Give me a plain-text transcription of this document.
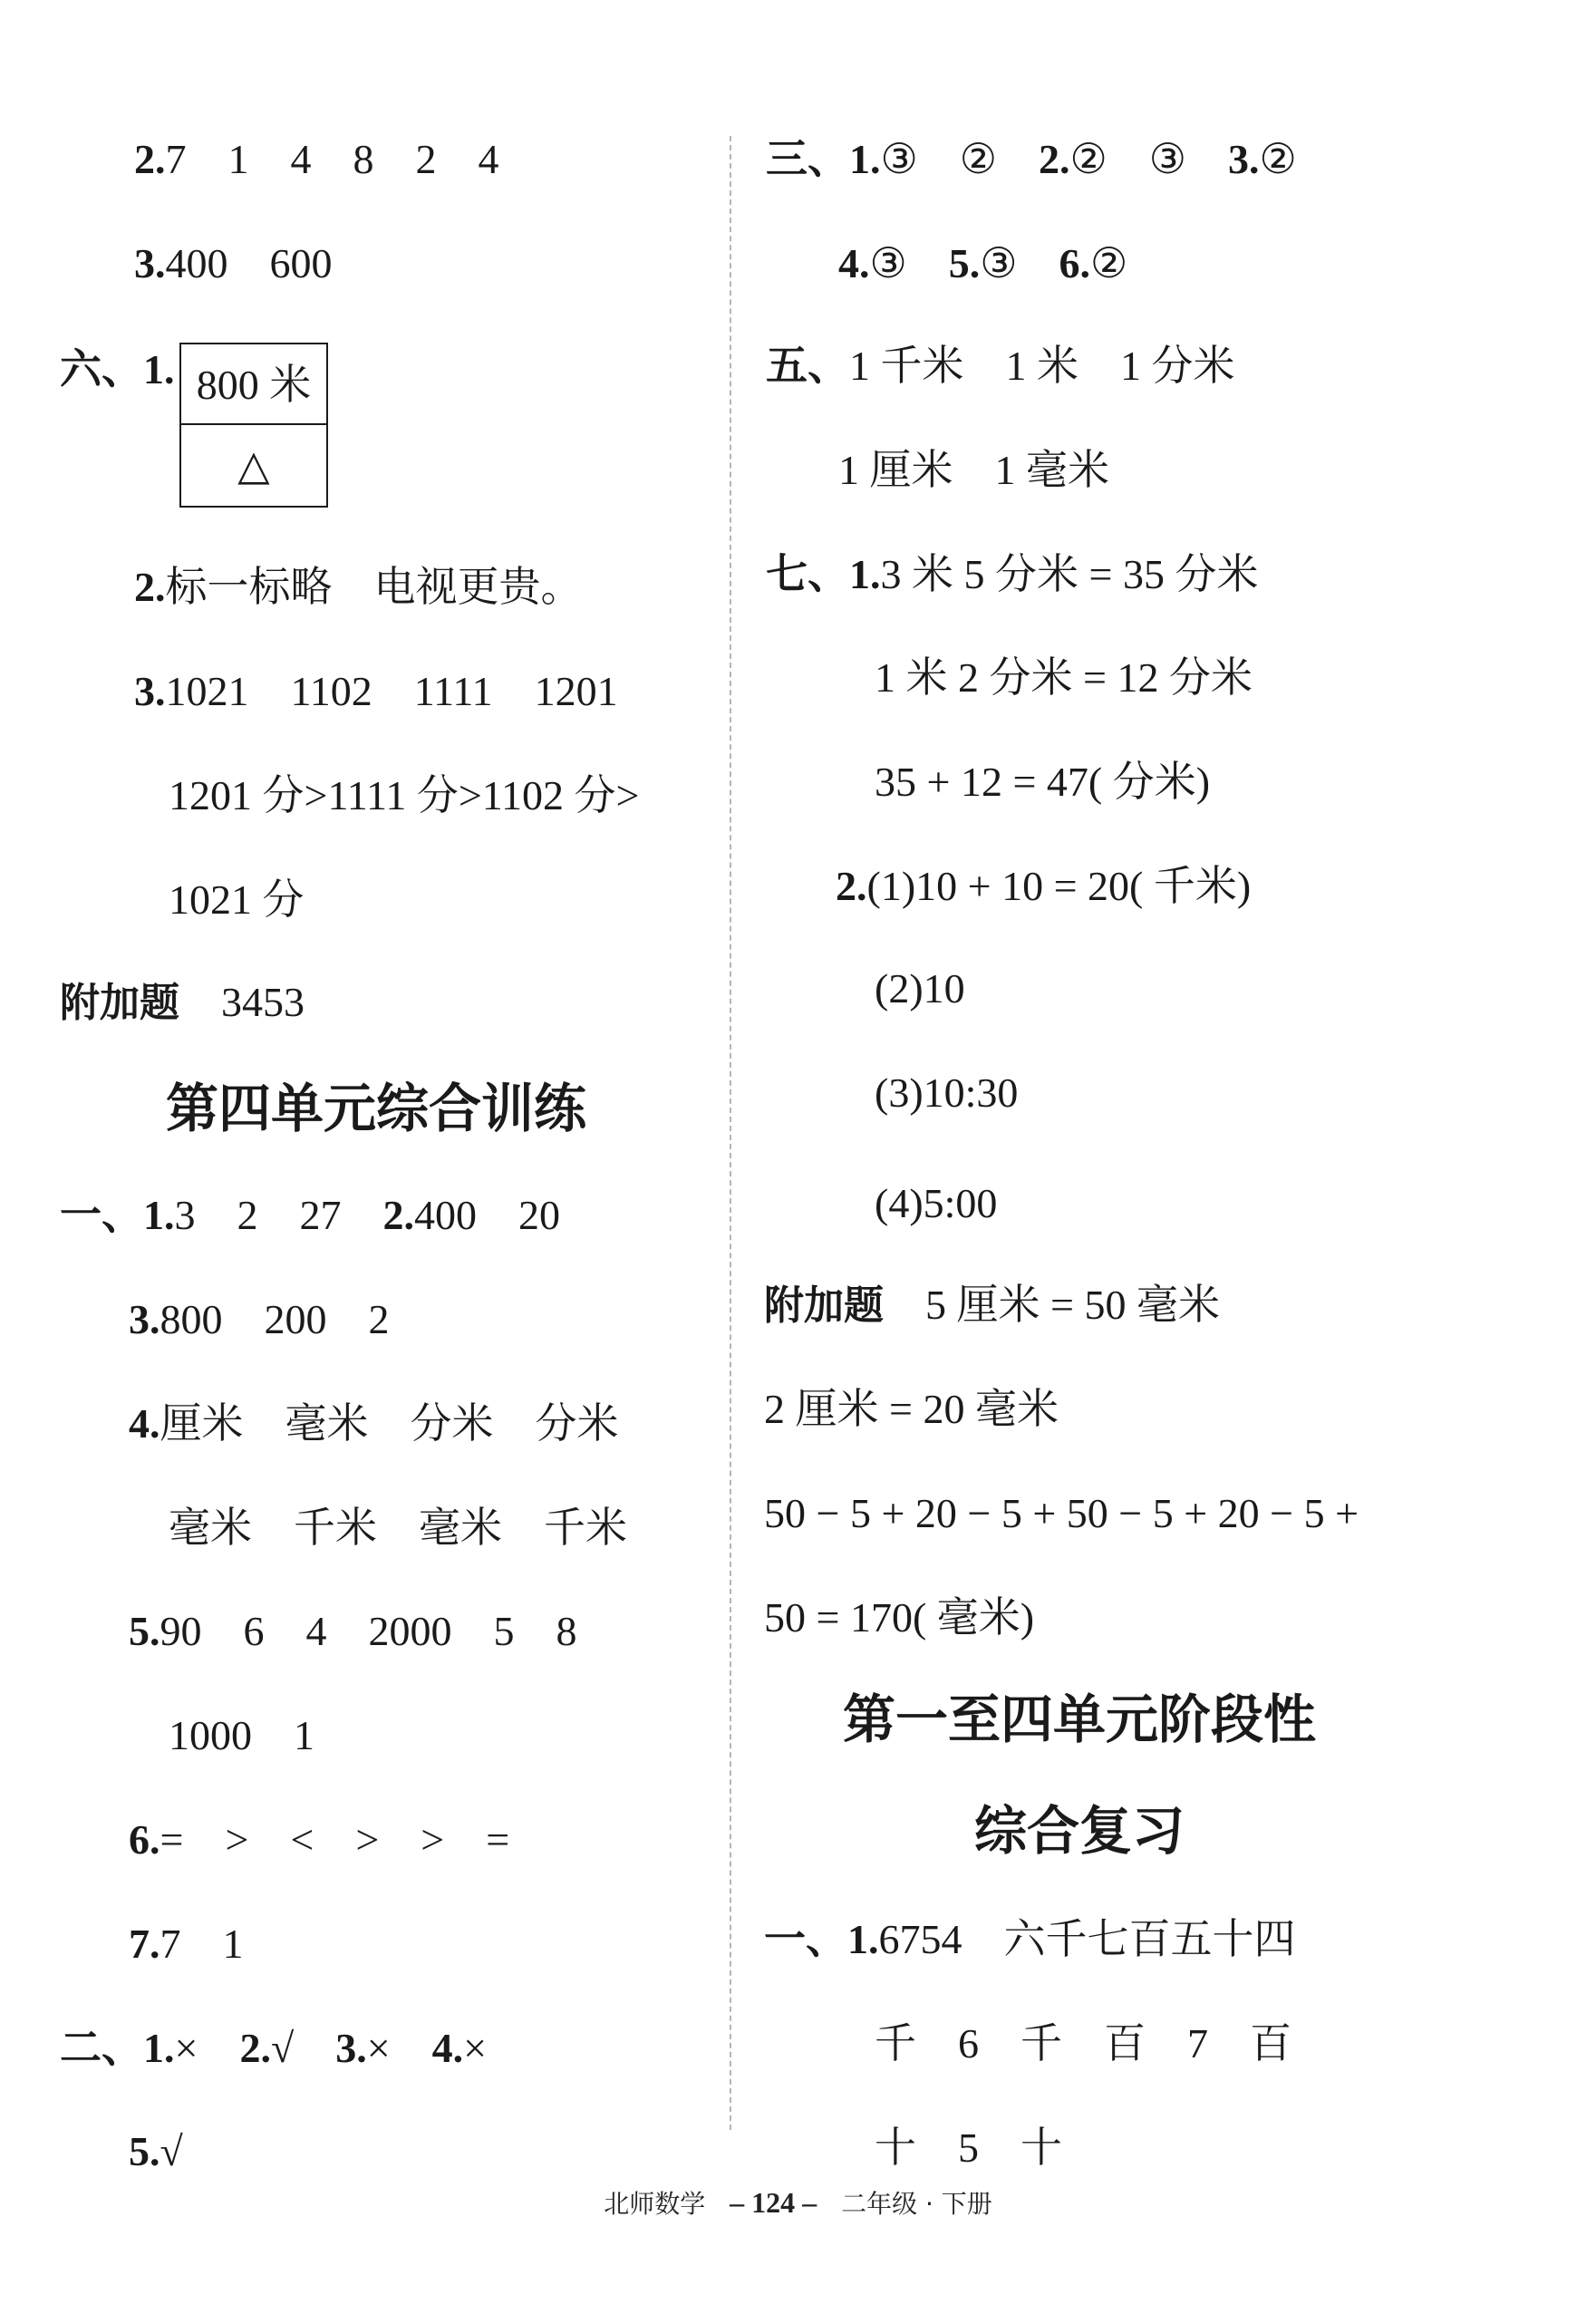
2.7　1　4　8　2　4
3.400　600
六、1. 800 米
△
2.标一标略　电视更贵。
3.1021　1102　1111　1201
1201 分>1111 分>1102 分>
1021 分
附加题　 3453
第四单元综合训练
一、1.3　2　27　2.400　20
3.800　200　2
4.厘米　毫米　分米　分米
毫米　千米　毫米　千米
5.90　6　4　2000　5　8
1000　1
6.=　>　<　>　>　=
7.7　1
二、1.×　2.√　3.×　4.×
5.√
三、1.③　②　2.②　③　3.②
4.③　5.③　6.②
五、1 千米　1 米　1 分米
1 厘米　1 毫米
七、1.3 米 5 分米 = 35 分米
1 米 2 分米 = 12 分米
35 + 12 = 47( 分米)
2.(1)10 + 10 = 20( 千米)
(2)10
(3)10:30
(4)5:00
附加题　 5 厘米 = 50 毫米
2 厘米 = 20 毫米
50 − 5 + 20 − 5 + 50 − 5 + 20 − 5 +
50 = 170( 毫米)
第一至四单元阶段性
综合复习
一、1.6754　六千七百五十四
千　6　千　百　7　百
十　5　十
北师数学 – 124 – 二年级 · 下册
